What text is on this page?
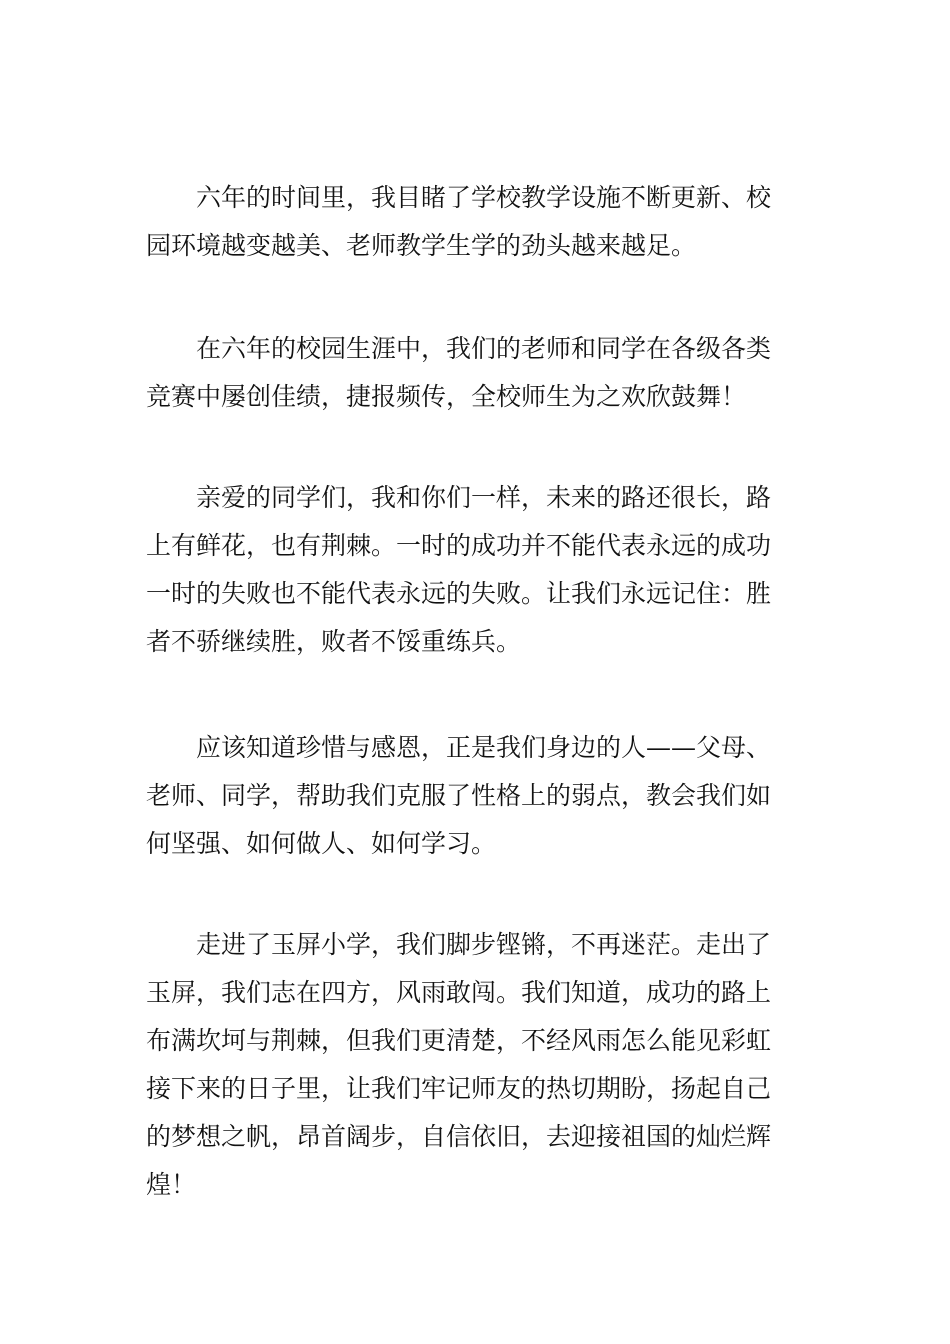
六年的时间里，我目睹了学校教学设施不断更新、校
园环境越变越美、老师教学生学的劲头越来越足。
在六年的校园生涯中，我们的老师和同学在各级各类
竞赛中屡创佳绩，捷报频传，全校师生为之欢欣鼓舞！
亲爱的同学们，我和你们一样，未来的路还很长，路
上有鲜花，也有荆棘。一时的成功并不能代表永远的成功
一时的失败也不能代表永远的失败。让我们永远记住：胜
者不骄继续胜，败者不馁重练兵。
应该知道珍惜与感恩，正是我们身边的人——父母、
老师、同学，帮助我们克服了性格上的弱点，教会我们如
何坚强、如何做人、如何学习。
走进了玉屏小学，我们脚步铿锵，不再迷茫。走出了
玉屏，我们志在四方，风雨敢闯。我们知道，成功的路上
布满坎坷与荆棘，但我们更清楚，不经风雨怎么能见彩虹
接下来的日子里，让我们牢记师友的热切期盼，扬起自己
的梦想之帆，昂首阔步，自信依旧，去迎接祖国的灿烂辉
煌！
